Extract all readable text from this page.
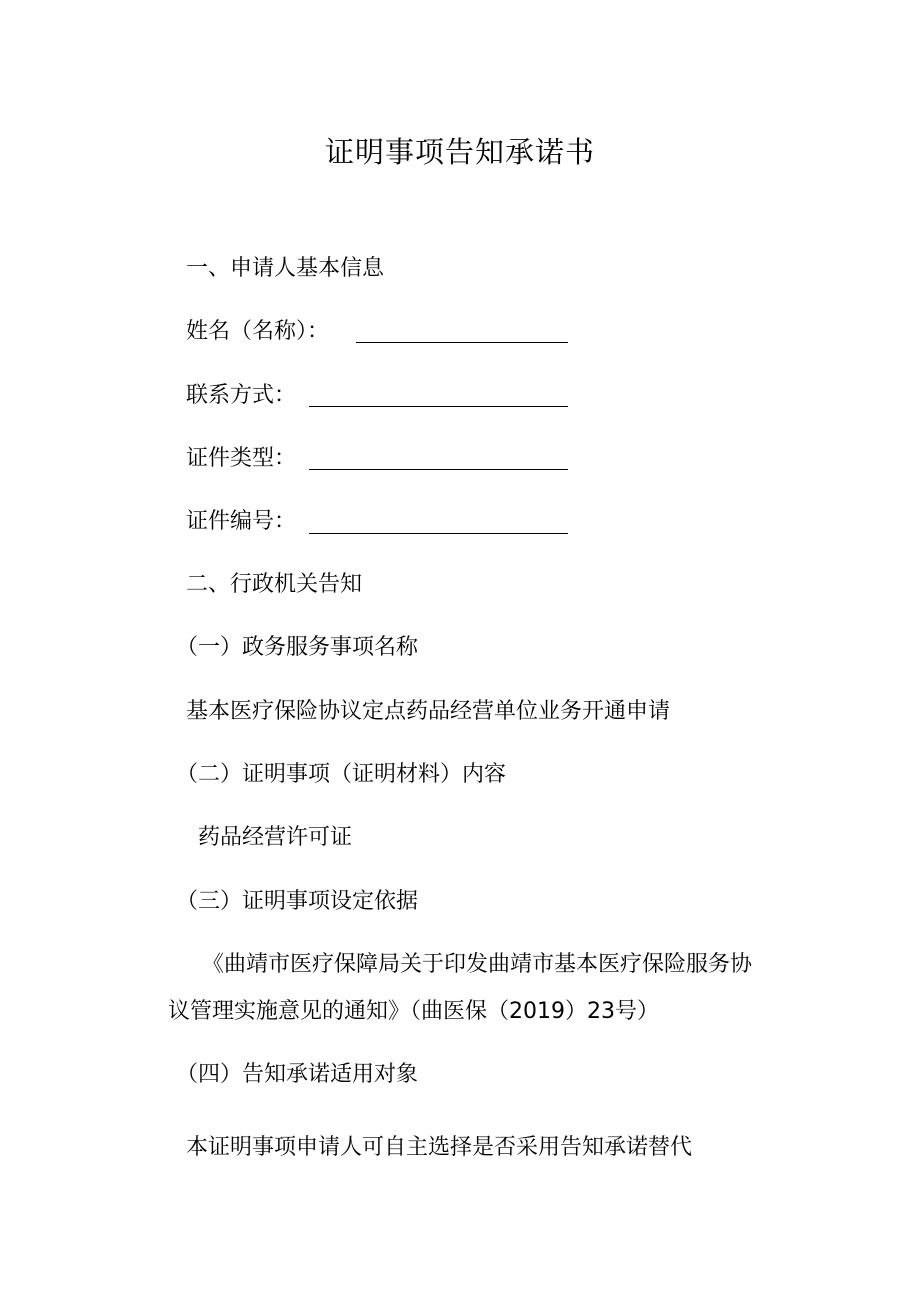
证明事项告知承诺书
一、申请人基本信息
姓名（名称）：
联系方式：
证件类型：
证件编号：
二、行政机关告知
（一）政务服务事项名称
基本医疗保险协议定点药品经营单位业务开通申请
（二）证明事项（证明材料）内容
药品经营许可证
（三）证明事项设定依据
《曲靖市医疗保障局关于印发曲靖市基本医疗保险服务协
议管理实施意见的通知》（曲医保（2019）23号）
（四）告知承诺适用对象
本证明事项申请人可自主选择是否采用告知承诺替代
